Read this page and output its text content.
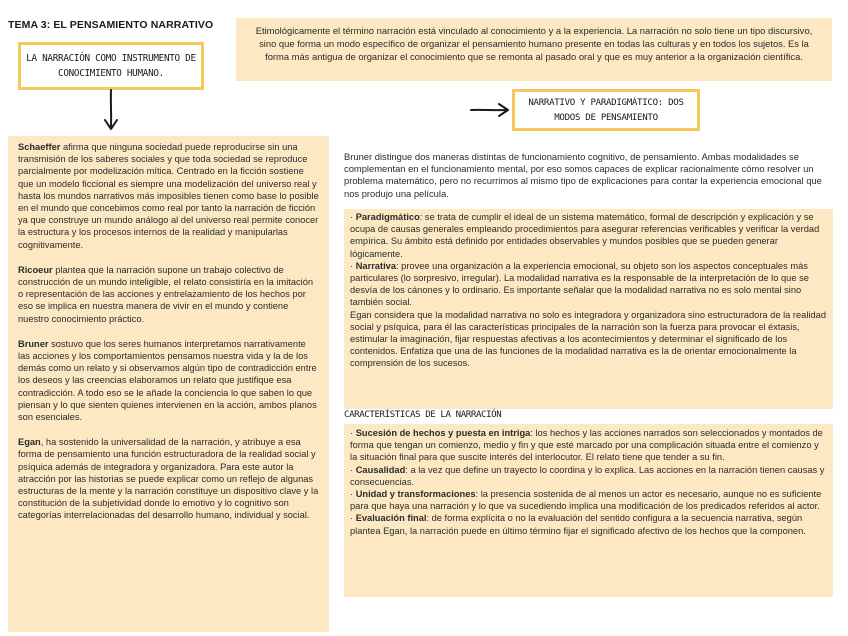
TEMA 3: EL PENSAMIENTO NARRATIVO
LA NARRACIÓN COMO INSTRUMENTO DE CONOCIMIENTO HUMANO.
Etimológicamente el término narración está vinculado al conocimiento y a la experiencia. La narración no solo tiene un tipo discursivo, sino que forma un modo específico de organizar el pensamiento humano presente en todas las culturas y en todos los sujetos. Es la forma más antigua de organizar el conocimiento que se remonta al pasado oral y que es muy anterior a la organización científica.
NARRATIVO Y PARADIGMÁTICO: DOS MODOS DE PENSAMIENTO

Schaeffer afirma que ninguna sociedad puede reproducirse sin una transmisión de los saberes sociales y que toda sociedad se reproduce parcialmente por modelización mítica. Centrado en la ficción sostiene que un modelo ficcional es siempre una modelización del universo real y hasta los mundos narrativos más imposibles tienen como base lo posible en el mundo que concebimos como real por tanto la narración de ficción ya que construye un mundo análogo al del universo real permite conocer la estructura y los procesos internos de la realidad y manipularlas cognitivamente.

Ricoeur plantea que la narración supone un trabajo colectivo de construcción de un mundo inteligible, el relato consistiría en la imitación o representación de las acciones y entrelazamiento de los hechos por eso se implica en nuestra manera de vivir en el mundo y contiene nuestro conocimiento práctico.

Bruner sostuvo que los seres humanos interpretamos narrativamente las acciones y los comportamientos pensamos nuestra vida y la de los demás como un relato y si observamos algún tipo de contradicción entre los deseos y las creencias elaboramos un relato que justifique esa contradicción. A todo eso se le añade la conciencia lo que saben lo que piensan y lo que sienten quienes intervienen en la acción, ambos planos son esenciales.

Egan, ha sostenido la universalidad de la narración, y atribuye a esa forma de pensamiento una función estructuradora de la realidad social y psíquica además de integradora y organizadora. Para este autor la atracción por las historias se puede explicar como un reflejo de algunas estructuras de la mente y la narración constituye un dispositivo clave y la constitución de la subjetividad donde lo emotivo y lo cognitivo son categorías interrelacionadas del desarrollo humano, individual y social.

Bruner distingue dos maneras distintas de funcionamiento cognitivo, de pensamiento. Ambas modalidades se complementan en el funcionamiento mental, por eso somos capaces de explicar racionalmente cómo resolver un problema matemático, pero no recurrimos al mismo tipo de explicaciones para contar la experiencia emocional que nos produjo una película.

· Paradigmático: se trata de cumplir el ideal de un sistema matemático, formal de descripción y explicación y se ocupa de causas generales empleando procedimientos para asegurar referencias verificables y verificar la verdad empírica. Su ámbito está definido por entidades observables y mundos posibles que se pueden generar lógicamente.

· Narrativa: provee una organización a la experiencia emocional, su objeto son los aspectos conceptuales más particulares (lo sorpresivo, irregular). La modalidad narrativa es la responsable de la interpretación de lo que se desvía de los cánones y lo ordinario. Es importante señalar que la modalidad narrativa no es solo mental sino también social.

Egan considera que la modalidad narrativa no solo es integradora y organizadora sino estructuradora de la realidad social y psíquica, para él las características principales de la narración son la fuerza para provocar el éxtasis, estimular la imaginación, fijar respuestas afectivas a los acontecimientos y determinar el significado de los contenidos. Enfatiza que una de las funciones de la modalidad narrativa es la de orientar emocionalmente la comprensión de los sucesos.

CARACTERÍSTICAS DE LA NARRACIÓN

· Sucesión de hechos y puesta en intriga: los hechos y las acciones narrados son seleccionados y montados de forma que tengan un comienzo, medio y fin y que esté marcado por una complicación situada entre el comienzo y la situación final para que suscite interés del interlocutor. El relato tiene que tender a su fin.

· Causalidad: a la vez que define un trayecto lo coordina y lo explica. Las acciones en la narración tienen causas y consecuencias.

· Unidad y transformaciones: la presencia sostenida de al menos un actor es necesario, aunque no es suficiente para que haya una narración y lo que va sucediendo implica una modificación de los predicados referidos al actor.

· Evaluación final: de forma explícita o no la evaluación del sentido configura a la secuencia narrativa, según plantea Egan, la narración puede en último término fijar el significado afectivo de los hechos que la componen.
